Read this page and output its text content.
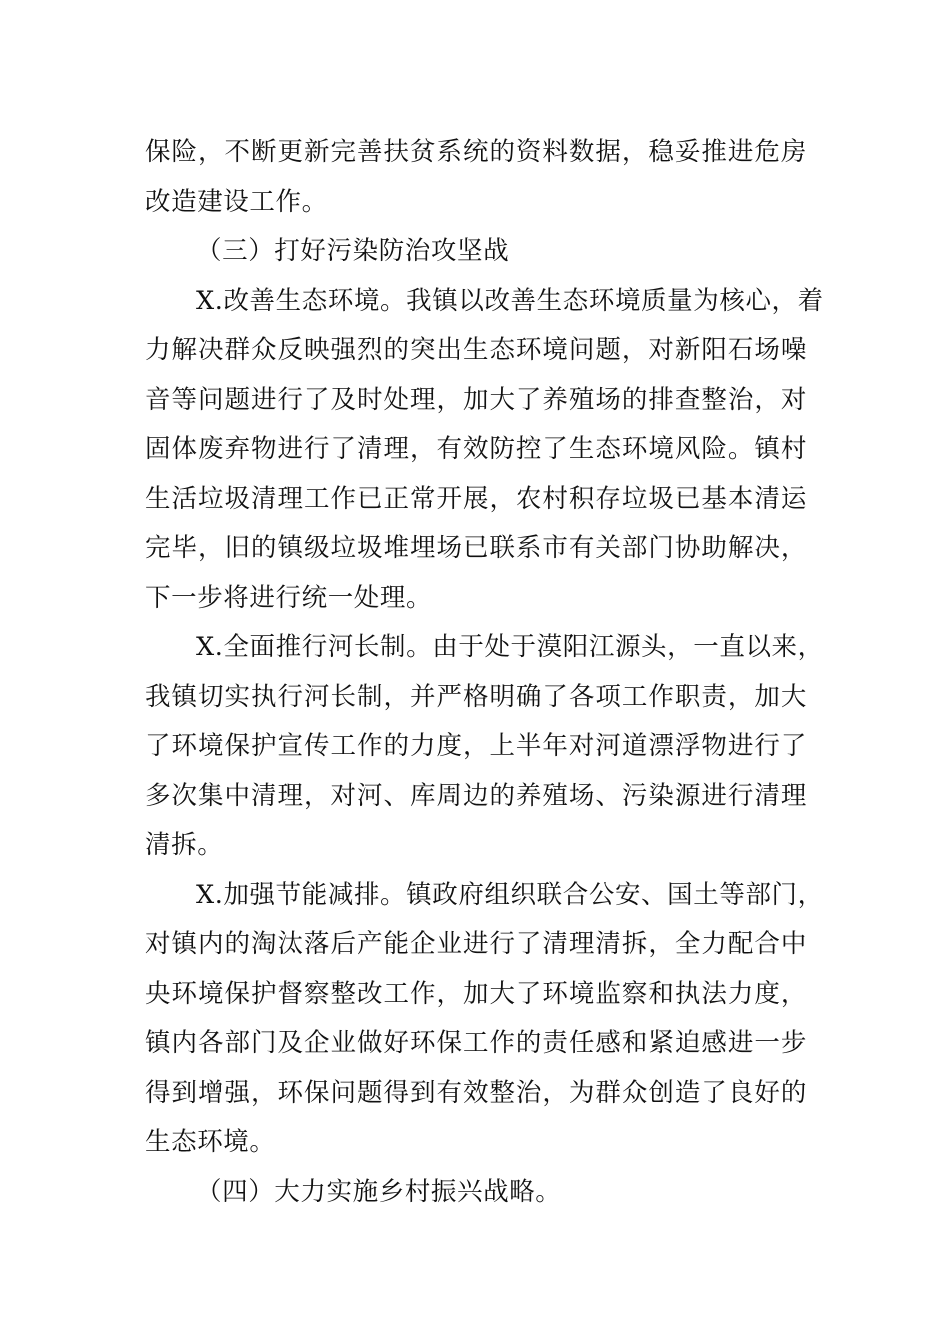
保险，不断更新完善扶贫系统的资料数据，稳妥推进危房
改造建设工作。
（三）打好污染防治攻坚战
X.改善生态环境。我镇以改善生态环境质量为核心，着
力解决群众反映强烈的突出生态环境问题，对新阳石场噪
音等问题进行了及时处理，加大了养殖场的排查整治，对
固体废弃物进行了清理，有效防控了生态环境风险。镇村
生活垃圾清理工作已正常开展，农村积存垃圾已基本清运
完毕，旧的镇级垃圾堆埋场已联系市有关部门协助解决，
下一步将进行统一处理。
X.全面推行河长制。由于处于漠阳江源头，一直以来，
我镇切实执行河长制，并严格明确了各项工作职责，加大
了环境保护宣传工作的力度，上半年对河道漂浮物进行了
多次集中清理，对河、库周边的养殖场、污染源进行清理
清拆。
X.加强节能减排。镇政府组织联合公安、国土等部门，
对镇内的淘汰落后产能企业进行了清理清拆，全力配合中
央环境保护督察整改工作，加大了环境监察和执法力度，
镇内各部门及企业做好环保工作的责任感和紧迫感进一步
得到增强，环保问题得到有效整治，为群众创造了良好的
生态环境。
（四）大力实施乡村振兴战略。
